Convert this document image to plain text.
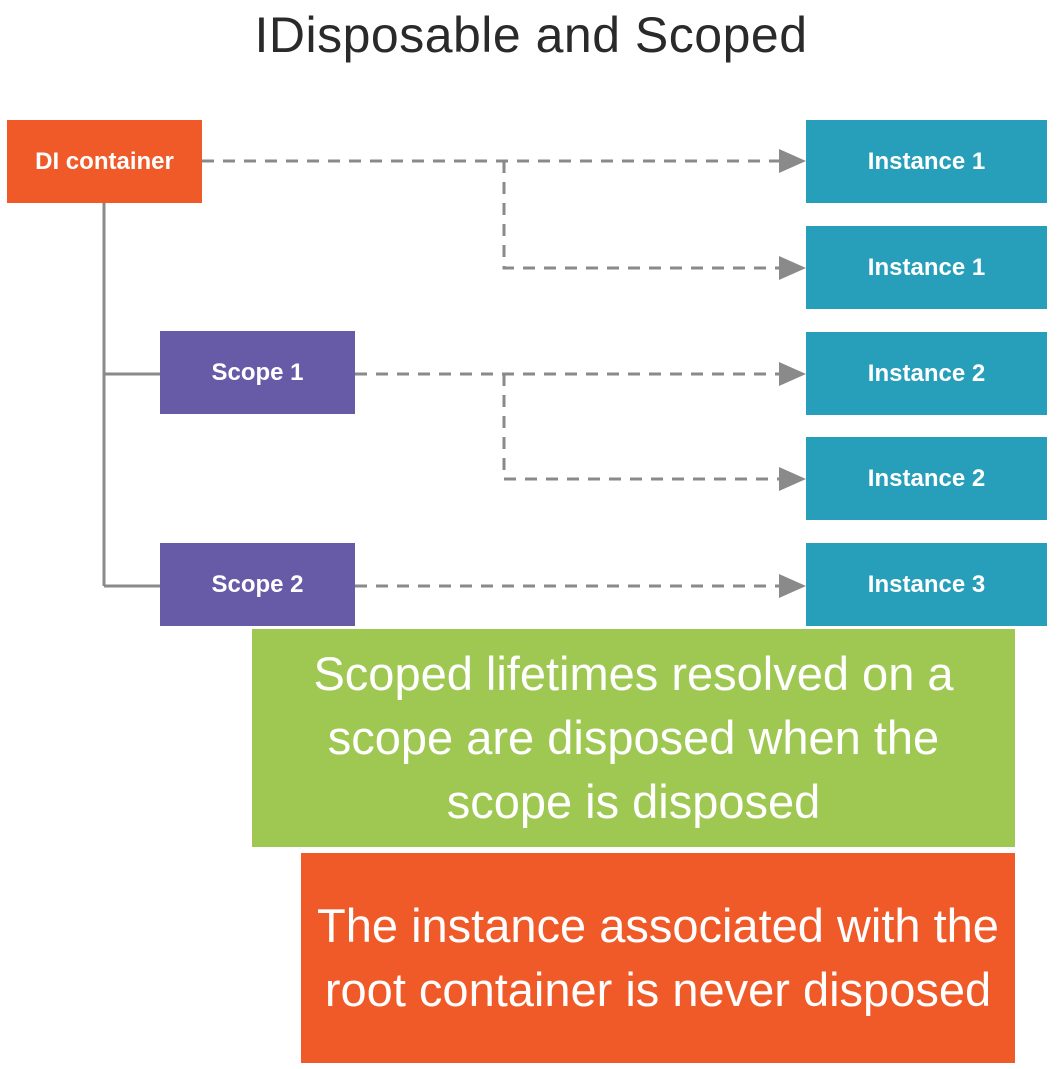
IDisposable and Scoped
DI container
Scope 1
Scope 2
Instance 1
Instance 1
Instance 2
Instance 2
Instance 3
Scoped lifetimes resolved on a scope are disposed when the scope is disposed
The instance associated with the root container is never disposed
